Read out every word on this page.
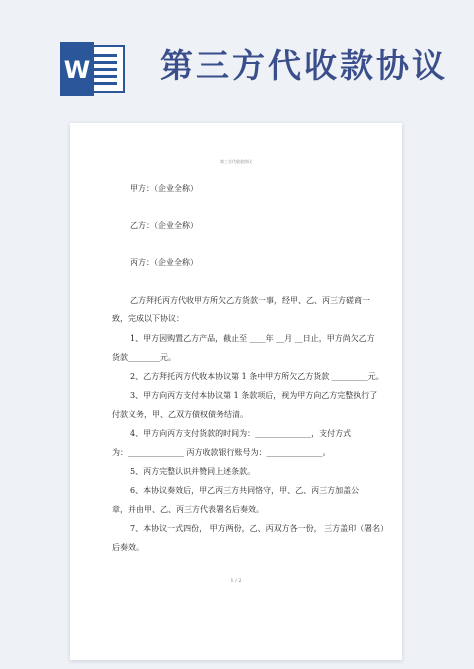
W 第三方代收款协议
第三方代收款协议
甲方：（企业全称）
乙方：（企业全称）
丙方：（企业全称）
乙方拜托丙方代收甲方所欠乙方货款一事，经甲、乙、丙三方磋商一
致，完成以下协议：
1、甲方因购置乙方产品，截止至 ____年 __月 __日止，甲方尚欠乙方
货款________元。
2、乙方拜托丙方代收本协议第 1 条中甲方所欠乙方货款 _________元。
3、甲方向丙方支付本协议第 1 条款项后，视为甲方向乙方完整执行了
付款义务，甲、乙双方债权债务结清。
4、甲方向丙方支付货款的时间为：______________，支付方式
为：______________ 丙方收款银行账号为：______________。
5、丙方完整认识并赞同上述条款。
6、本协议奏效后，甲乙丙三方共同恪守，甲、乙、丙三方加盖公
章，并由甲、乙、丙三方代表署名后奏效。
7、本协议一式四份， 甲方两份，乙、丙双方各一份， 三方盖印（署名）
后奏效。
1 / 2
